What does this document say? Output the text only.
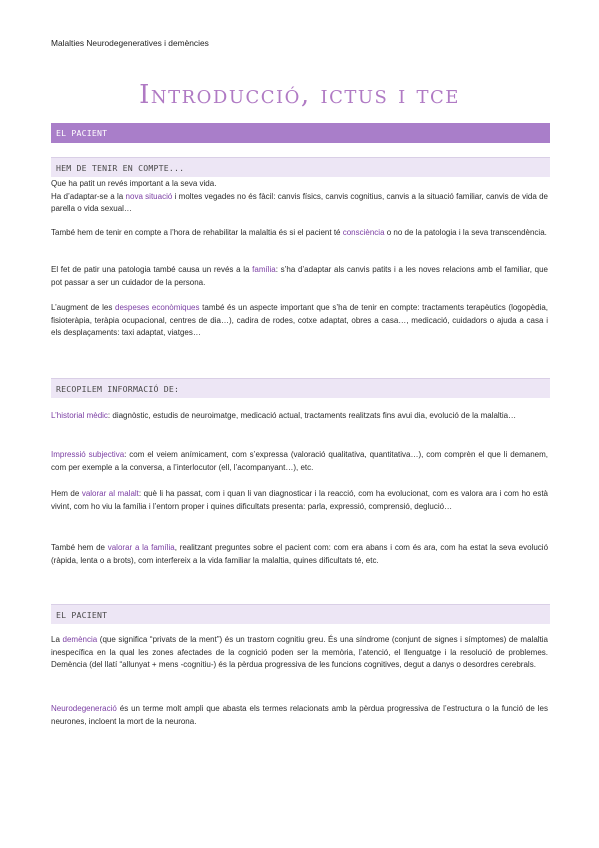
Malalties Neurodegeneratives i demències
Introducció, ictus i tce
EL PACIENT
HEM DE TENIR EN COMPTE...
Que ha patit un revés important a la seva vida.
Ha d’adaptar-se a la nova situació i moltes vegades no és fàcil: canvis físics, canvis cognitius, canvis a la situació familiar, canvis de vida de parella o vida sexual…

També hem de tenir en compte a l’hora de rehabilitar la malaltia és si el pacient té consciència o no de la patologia i la seva transcendència.

El fet de patir una patologia també causa un revés a la família: s’ha d’adaptar als canvis patits i a les noves relacions amb el familiar, que pot passar a ser un cuidador de la persona.

L’augment de les despeses econòmiques també és un aspecte important que s’ha de tenir en compte: tractaments terapèutics (logopèdia, fisioteràpia, teràpia ocupacional, centres de dia…), cadira de rodes, cotxe adaptat, obres a casa…, medicació, cuidadors o ajuda a casa i els desplaçaments: taxi adaptat, viatges…

RECOPILEM INFORMACIÓ DE:

L’historial mèdic: diagnòstic, estudis de neuroimatge, medicació actual, tractaments realitzats fins avui dia, evolució de la malaltia…

Impressió subjectiva: com el veiem anímicament, com s’expressa (valoració qualitativa, quantitativa…), com comprèn el que li demanem, com per exemple a la conversa, a l’interlocutor (ell, l’acompanyant…), etc.

Hem de valorar al malalt: què li ha passat, com i quan li van diagnosticar i la reacció, com ha evolucionat, com es valora ara i com ho està vivint, com ho viu la família i l’entorn proper i quines dificultats presenta: parla, expressió, comprensió, deglució…

També hem de valorar a la família, realitzant preguntes sobre el pacient com: com era abans i com és ara, com ha estat la seva evolució (ràpida, lenta o a brots), com interfereix a la vida familiar la malaltia, quines dificultats té, etc.

EL PACIENT

La demència (que significa “privats de la ment”) és un trastorn cognitiu greu. És una síndrome (conjunt de signes i símptomes) de malaltia inespecífica en la qual les zones afectades de la cognició poden ser la memòria, l’atenció, el llenguatge i la resolució de problemes. Demència (del llatí “allunyat + mens -cognitiu-) és la pèrdua progressiva de les funcions cognitives, degut a danys o desordres cerebrals.

Neurodegeneració és un terme molt ampli que abasta els termes relacionats amb la pèrdua progressiva de l’estructura o la funció de les neurones, incloent la mort de la neurona.
